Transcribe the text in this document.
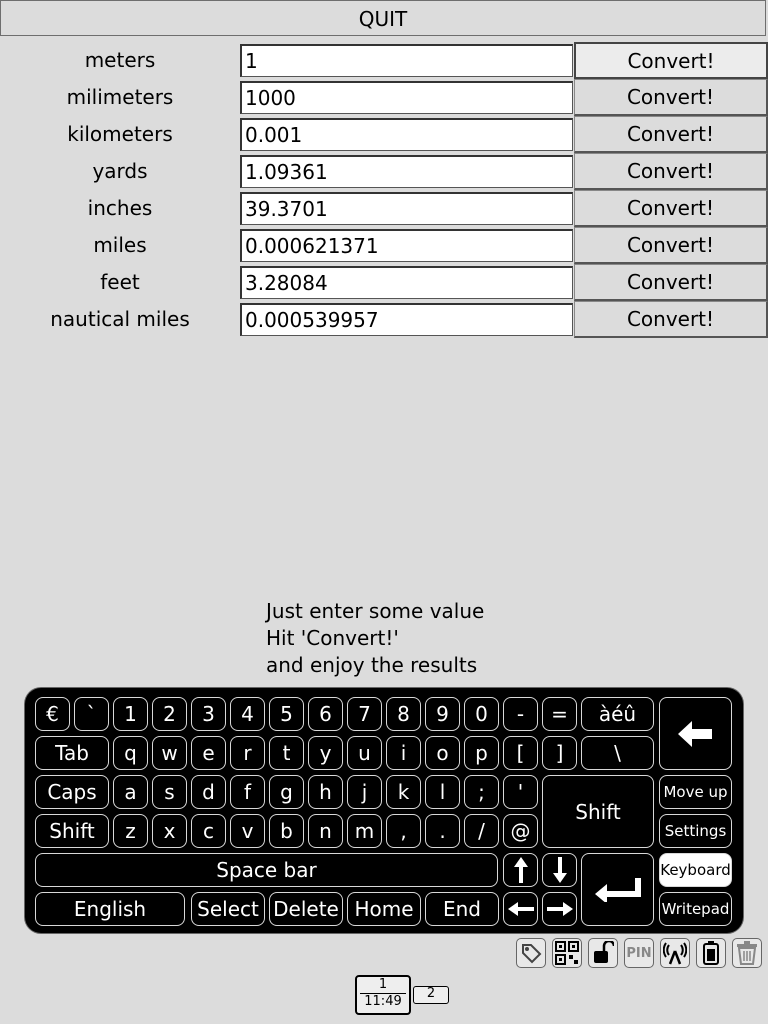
QUIT
meters
1	Convert!
milimeters
1000	Convert!
kilometers
0.001	Convert!
yards
1.09361	Convert!
inches
39.3701	Convert!
miles
0.000621371	Convert!
feet
3.28084	Convert!
nautical miles
0.000539957	Convert!
Just enter some value
Hit 'Convert!'
and enjoy the results
€	`	1	2	3	4	5	6	7	8	9	0	-	=	àéû
Tab	q	w	e	r	t	y	u	i	o	p	[	]	\
Caps	a	s	d	f	g	h	j	k	l	;	'
Shift	z	x	c	v	b	n	m	,	.	/	@
Shift
Move up
Settings
Keyboard
Writepad
Space bar
English	Select Delete Home	End
PIN
1
11:49
2
